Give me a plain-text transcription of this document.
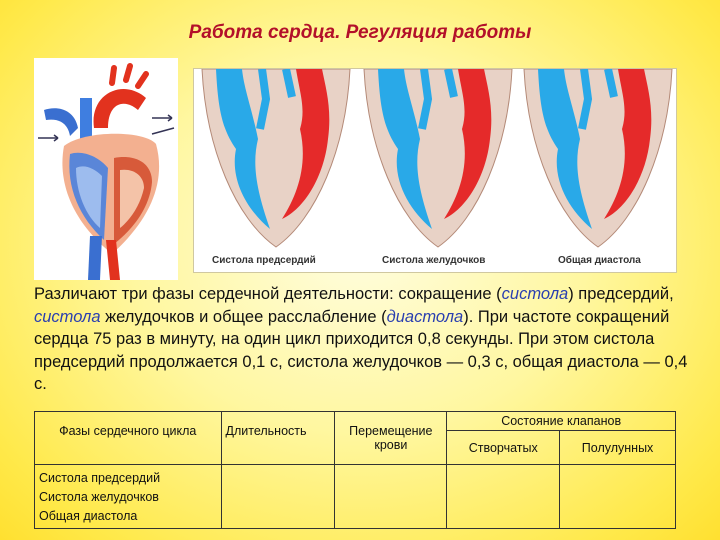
Работа сердца. Регуляция работы
Систола предсердий	Систола желудочков	Общая диастола
Различают три фазы сердечной деятельности: сокращение (систола) предсердий, систола желудочков и общее расслабление (диастола). При частоте сокращений сердца 75 раз в минуту, на один цикл приходится 0,8 секунды. При этом систола предсердий продолжается 0,1 с, систола желудочков — 0,3 с, общая диастола — 0,4 с.
Фазы сердечного цикла	Длительность	Перемещение крови	Состояние клапанов	
			Створчатых	Полулунных

Систола предсердий
Систола желудочков
Общая диастола				
